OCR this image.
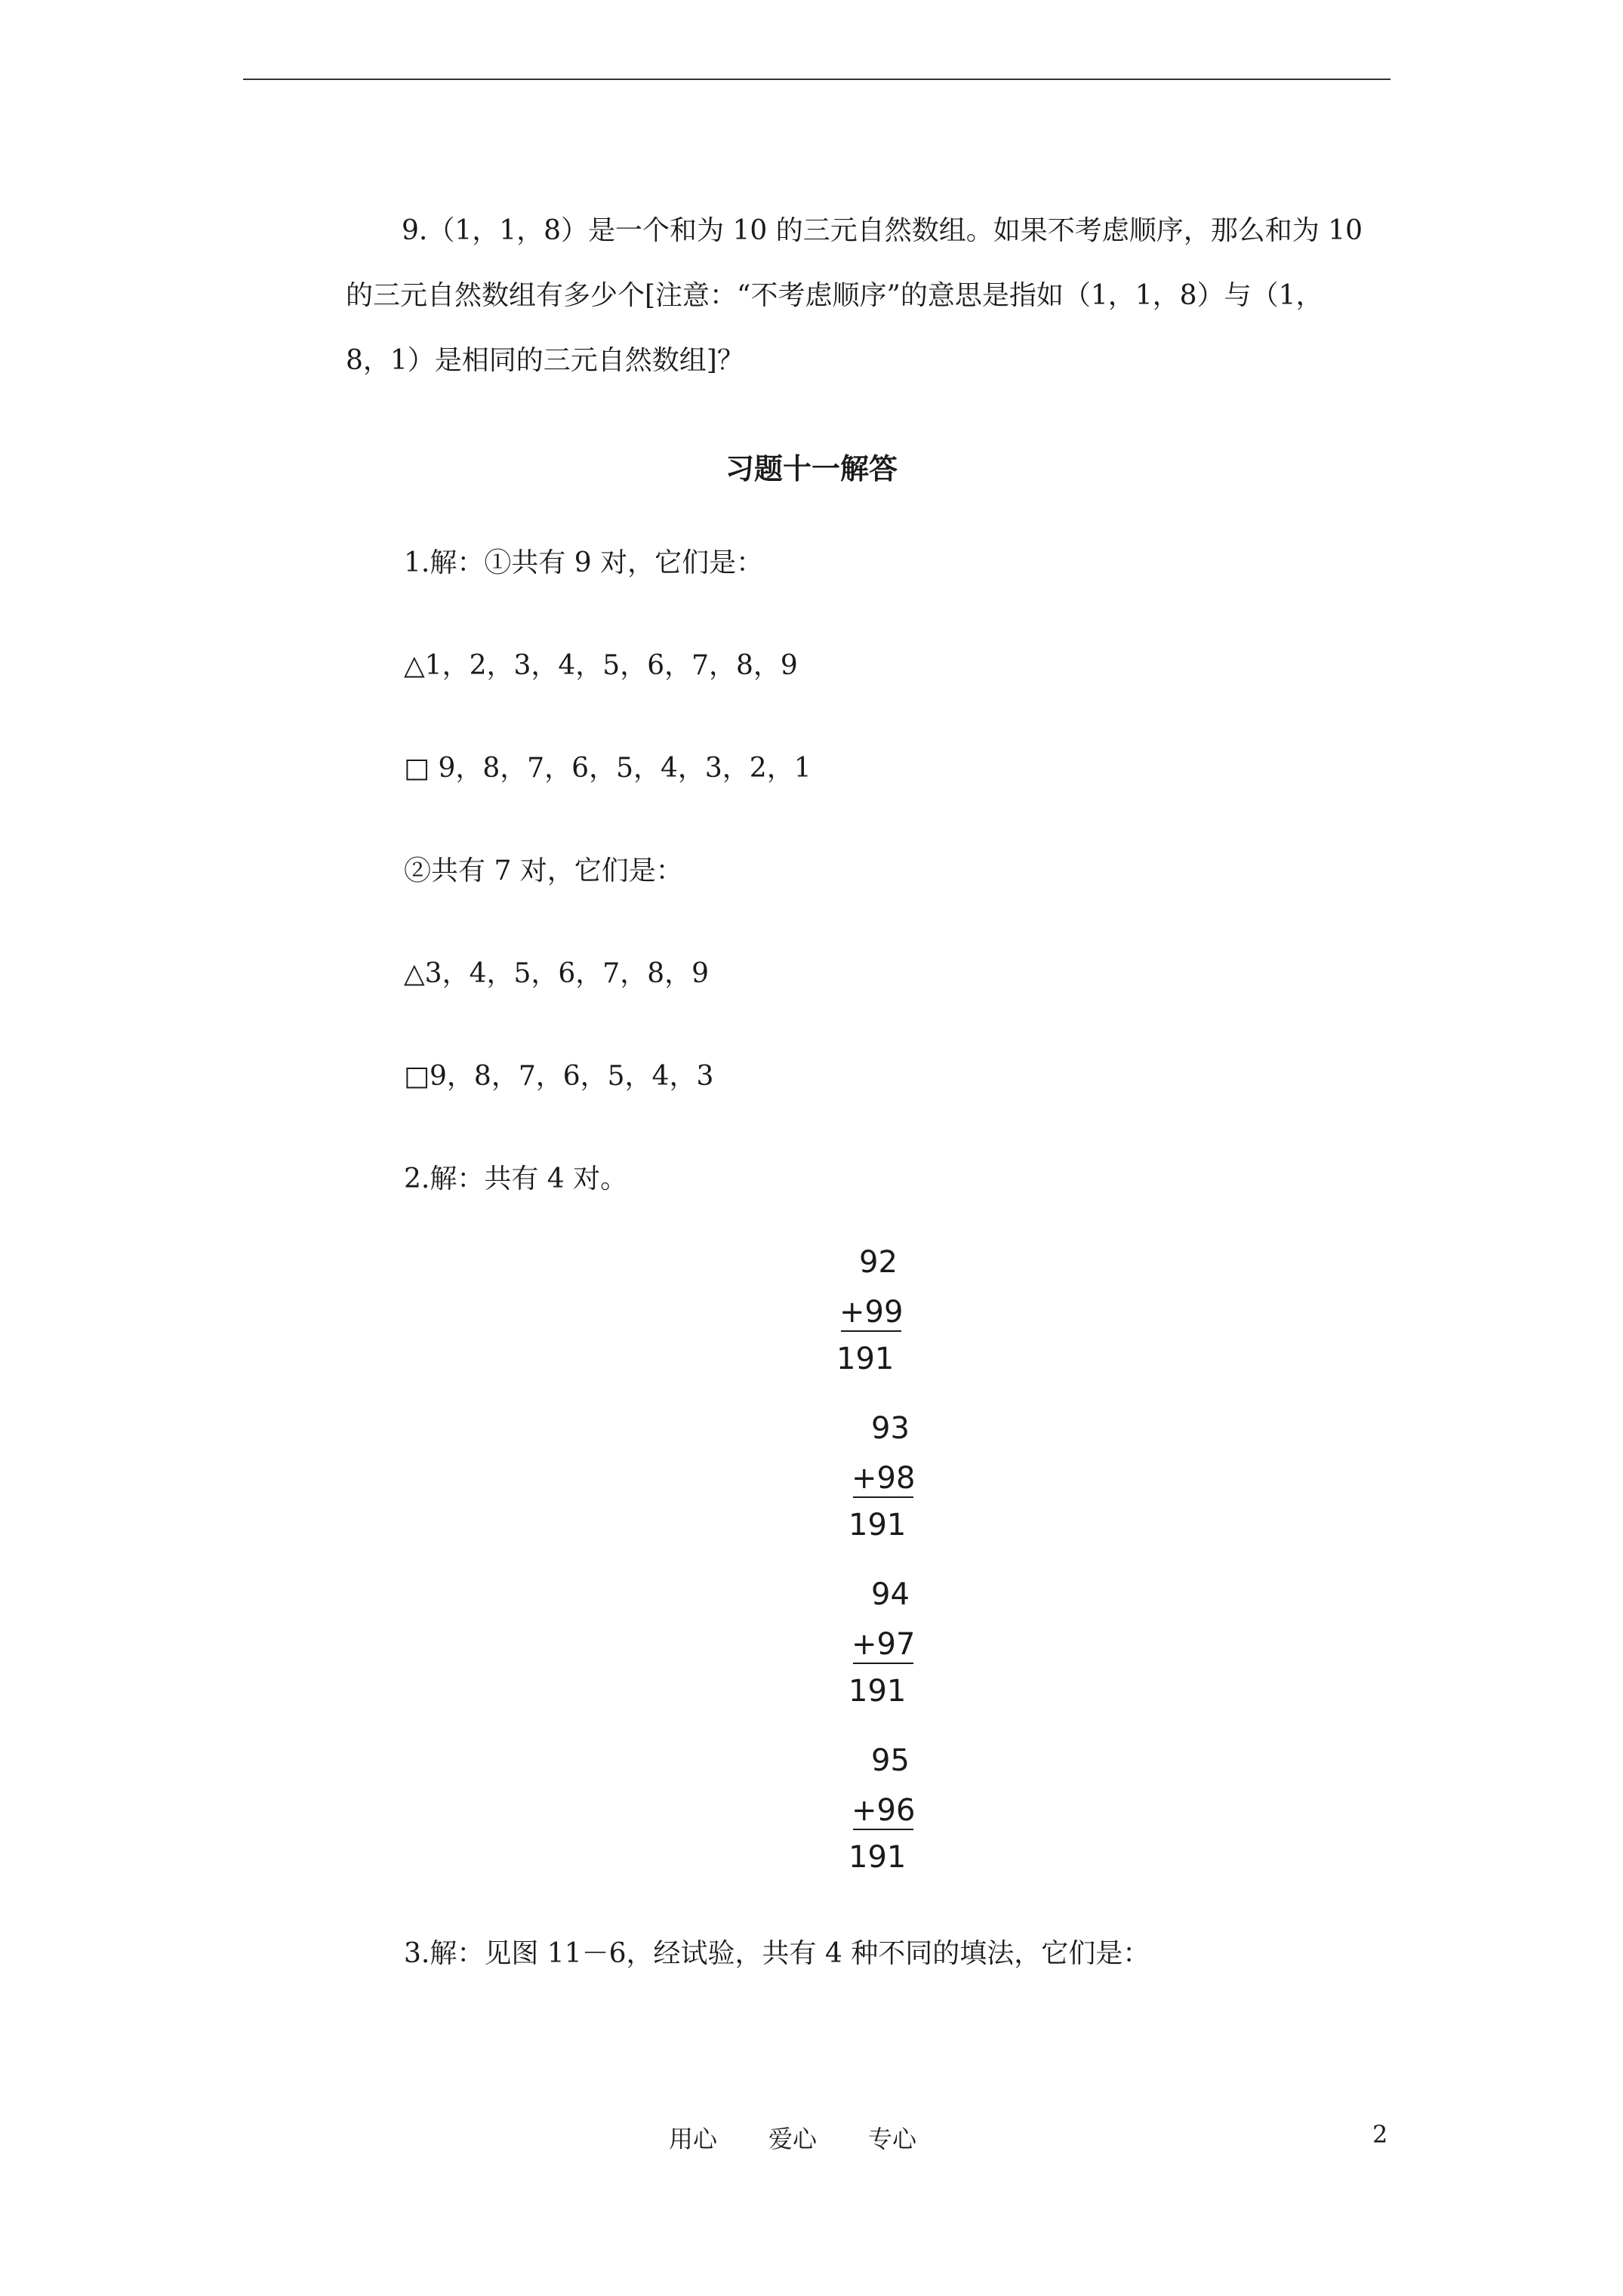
9.（1，1，8）是一个和为 10 的三元自然数组。如果不考虑顺序，那么和为 10
的三元自然数组有多少个[注意：“不考虑顺序”的意思是指如（1，1，8）与（1，
8，1）是相同的三元自然数组]？
习题十一解答
1.解：①共有 9 对，它们是：
△1，2，3，4，5，6，7，8，9
□ 9，8，7，6，5，4，3，2，1
②共有 7 对，它们是：
△3，4，5，6，7，8，9
□9，8，7，6，5，4，3
2.解：共有 4 对。
92
+99
191
93
+98
191
94
+97
191
95
+96
191
3.解：见图 11－6，经试验，共有 4 种不同的填法，它们是：
用心 爱心 专心	2
